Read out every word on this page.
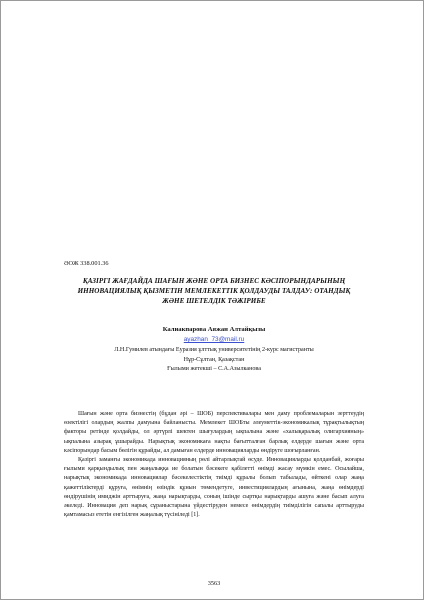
ӘОЖ 338.001.36
ҚАЗІРГІ ЖАҒДАЙДА ШАҒЫН ЖӘНЕ ОРТА БИЗНЕС КӘСІПОРЫНДАРЫНЫҢ
ИННОВАЦИЯЛЫҚ ҚЫЗМЕТІН МЕМЛЕКЕТТІК ҚОЛДАУДЫ ТАЛДАУ: ОТАНДЫҚ
ЖӘНЕ ШЕТЕЛДІК ТӘЖІРИБЕ
Калиакпарова Аяжан Алтайқызы
ayazhan_73@mail.ru
Л.Н.Гумилев атындағы Еуразия ұлттық университетінің 2-курс магистранты
Нұр-Сұлтан, Қазақстан
Ғылыми жетекші – С.А.Азылканова

Шағын және орта бизнестің (бұдан әрі – ШОБ) перспективалары мен даму проблемаларын зерттеудің өзектілігі олардың жалпы дамуына байланысты. Мемлекет ШОБты әлеуметтік-экономикалық тұрақтылықтың факторы ретінде қолдайды, ол әртүрлі шектен шығулардың ықпалына және «халықаралық олигархияның» ықпалына азырақ ұшырайды. Нарықтық экономикаға нақты бағытталған барлық елдерде шағын және орта кәсіпорындар басым бөлігін құрайды, ал дамыған елдерде инновацияларды өндіруге шоғырланған.

Қазіргі заманғы экономикада инновацияның рөлі айтарлықтай өсуде. Инновацияларды қолданбай, жоғары ғылыми қарқындылық пен жаңалыққа ие болатын бәсекеге қабілетті өнімді жасау мүмкін емес. Осылайша, нарықтық экономикада инновациялар бәсекелестіктің тиімді құралы болып табылады, өйткені олар жаңа қажеттіліктерді құруға, өнімнің өзіндік құнын төмендетуге, инвестициялардың ағынына, жаңа өнімдерді өндірушінің имиджін арттыруға, жаңа нарықтарды, соның ішінде сыртқы нарықтарды ашуға және басып алуға әкеледі. Инновация деп нарық сұраныстарына үйдестіруден немесе өнімдердің тиімділігін сапалы арттыруды қамтамасыз ететін енгізілген жаңалық түсініледі [1].

3563
